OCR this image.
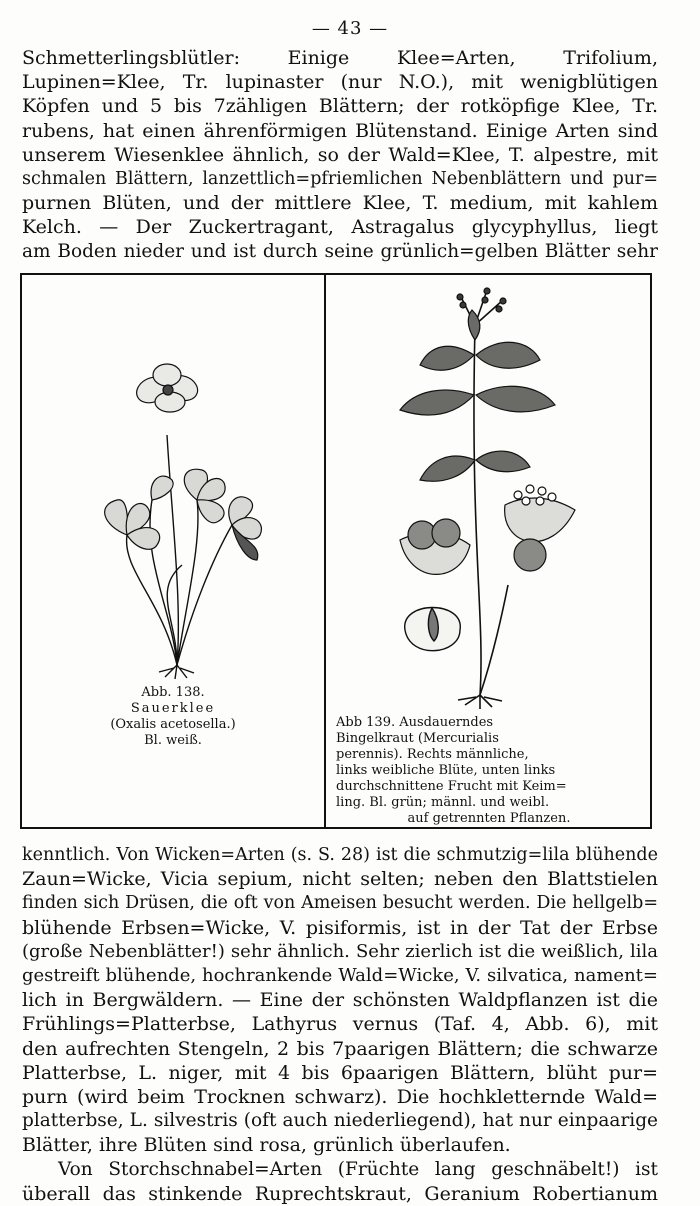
— 43 —
Schmetterlingsblütler: Einige Klee=Arten, Trifolium,
Lupinen=Klee, Tr. lupinaster (nur N.O.), mit wenigblütigen
Köpfen und 5 bis 7zähligen Blättern; der rotköpfige Klee, Tr.
rubens, hat einen ährenförmigen Blütenstand. Einige Arten sind
unserem Wiesenklee ähnlich, so der Wald=Klee, T. alpestre, mit
schmalen Blättern, lanzettlich=pfriemlichen Nebenblättern und pur=
purnen Blüten, und der mittlere Klee, T. medium, mit kahlem
Kelch. — Der Zuckertragant, Astragalus glycyphyllus, liegt
am Boden nieder und ist durch seine grünlich=gelben Blätter sehr
Abb. 138.
Sauerklee
(Oxalis acetosella.)
Bl. weiß.
Abb 139. Ausdauerndes
Bingelkraut (Mercurialis
perennis). Rechts männliche,
links weibliche Blüte, unten links
durchschnittene Frucht mit Keim=
ling. Bl. grün; männl. und weibl.
auf getrennten Pflanzen.
kenntlich. Von Wicken=Arten (s. S. 28) ist die schmutzig=lila blühende
Zaun=Wicke, Vicia sepium, nicht selten; neben den Blattstielen
finden sich Drüsen, die oft von Ameisen besucht werden. Die hellgelb=
blühende Erbsen=Wicke, V. pisiformis, ist in der Tat der Erbse
(große Nebenblätter!) sehr ähnlich. Sehr zierlich ist die weißlich, lila
gestreift blühende, hochrankende Wald=Wicke, V. silvatica, nament=
lich in Bergwäldern. — Eine der schönsten Waldpflanzen ist die
Frühlings=Platterbse, Lathyrus vernus (Taf. 4, Abb. 6), mit
den aufrechten Stengeln, 2 bis 7paarigen Blättern; die schwarze
Platterbse, L. niger, mit 4 bis 6paarigen Blättern, blüht pur=
purn (wird beim Trocknen schwarz). Die hochkletternde Wald=
platterbse, L. silvestris (oft auch niederliegend), hat nur einpaarige
Blätter, ihre Blüten sind rosa, grünlich überlaufen.
Von Storchschnabel=Arten (Früchte lang geschnäbelt!) ist
überall das stinkende Ruprechtskraut, Geranium Robertianum
